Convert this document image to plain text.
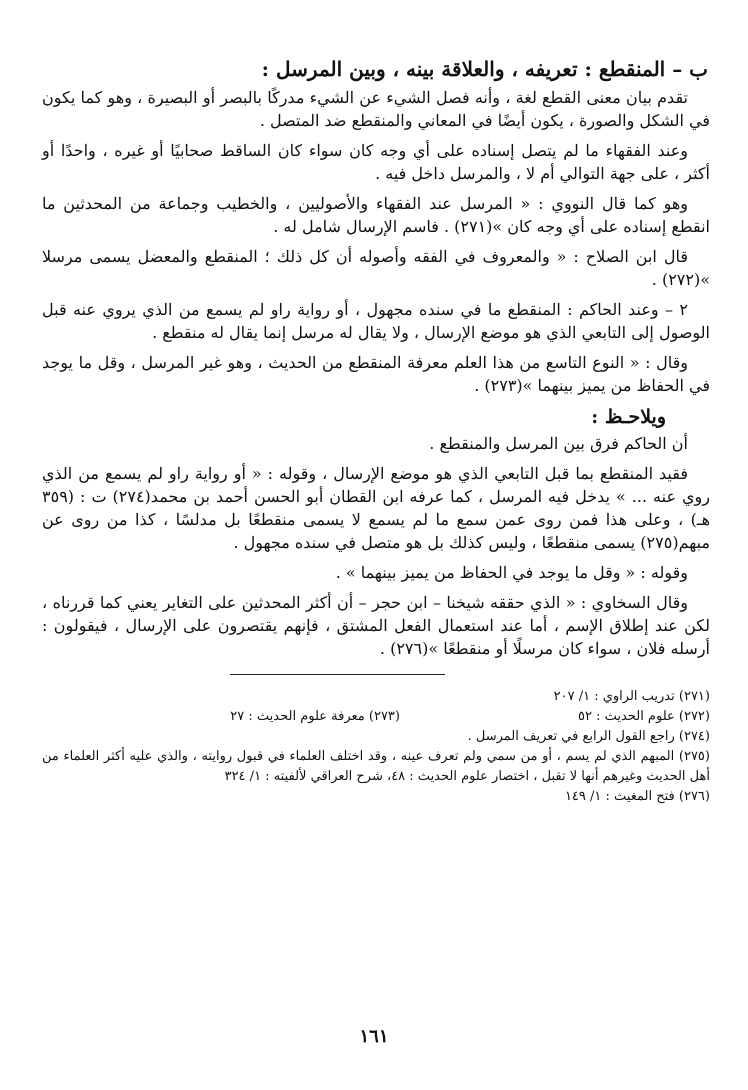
ب – المنقطع : تعريفه ، والعلاقة بينه ، وبين المرسل :

تقدم بيان معنى القطع لغة ، وأنه فصل الشيء عن الشيء مدركًا بالبصر أو البصيرة ، وهو كما يكون في الشكل والصورة ، يكون أيضًا في المعاني والمنقطع ضد المتصل .

وعند الفقهاء ما لم يتصل إسناده على أي وجه كان سواء كان الساقط صحابيًا أو غيره ، واحدًا أو أكثر ، على جهة التوالي أم لا ، والمرسل داخل فيه .

وهو كما قال النووي : « المرسل عند الفقهاء والأصوليين ، والخطيب وجماعة من المحدثين ما انقطع إسناده على أي وجه كان »(٢٧١) . فاسم الإرسال شامل له .

قال ابن الصلاح : « والمعروف في الفقه وأصوله أن كل ذلك ؛ المنقطع والمعضل يسمى مرسلا »(٢٧٢) .

٢ – وعند الحاكم : المنقطع ما في سنده مجهول ، أو رواية راو لم يسمع من الذي يروي عنه قبل الوصول إلى التابعي الذي هو موضع الإرسال ، ولا يقال له مرسل إنما يقال له منقطع .

وقال : « النوع التاسع من هذا العلم معرفة المنقطع من الحديث ، وهو غير المرسل ، وقل ما يوجد في الحفاظ من يميز بينهما »(٢٧٣) .

ويلاحـظ :

أن الحاكم فرق بين المرسل والمنقطع .

فقيد المنقطع بما قبل التابعي الذي هو موضع الإرسال ، وقوله : « أو رواية راو لم يسمع من الذي روي عنه ... » يدخل فيه المرسل ، كما عرفه ابن القطان أبو الحسن أحمد بن محمد(٢٧٤) ت : (٣٥٩ هـ) ، وعلى هذا فمن روى عمن سمع ما لم يسمع لا يسمى منقطعًا بل مدلسًا ، كذا من روى عن مبهم(٢٧٥) يسمى منقطعًا ، وليس كذلك بل هو متصل في سنده مجهول .

وقوله : « وقل ما يوجد في الحفاظ من يميز بينهما » .

وقال السخاوي : « الذي حققه شيخنا – ابن حجر – أن أكثر المحدثين على التغاير يعني كما قررناه ، لكن عند إطلاق الإسم ، أما عند استعمال الفعل المشتق ، فإنهم يقتصرون على الإرسال ، فيقولون : أرسله فلان ، سواء كان مرسلًا أو منقطعًا »(٢٧٦) .

(٢٧١) تدريب الراوي : ١/ ٢٠٧

(٢٧٢) علوم الحديث : ٥٢

(٢٧٣) معرفة علوم الحديث : ٢٧

(٢٧٤) راجع القول الرابع في تعريف المرسل .

(٢٧٥) المبهم الذي لم يسم ، أو من سمي ولم تعرف عينه ، وقد اختلف العلماء في قبول روايته ، والذي عليه أكثر العلماء من أهل الحديث وغيرهم أنها لا تقبل ، اختصار علوم الحديث : ٤٨، شرح العراقي لألفيته : ١/ ٣٢٤

(٢٧٦) فتح المغيث : ١/ ١٤٩

١٦١
